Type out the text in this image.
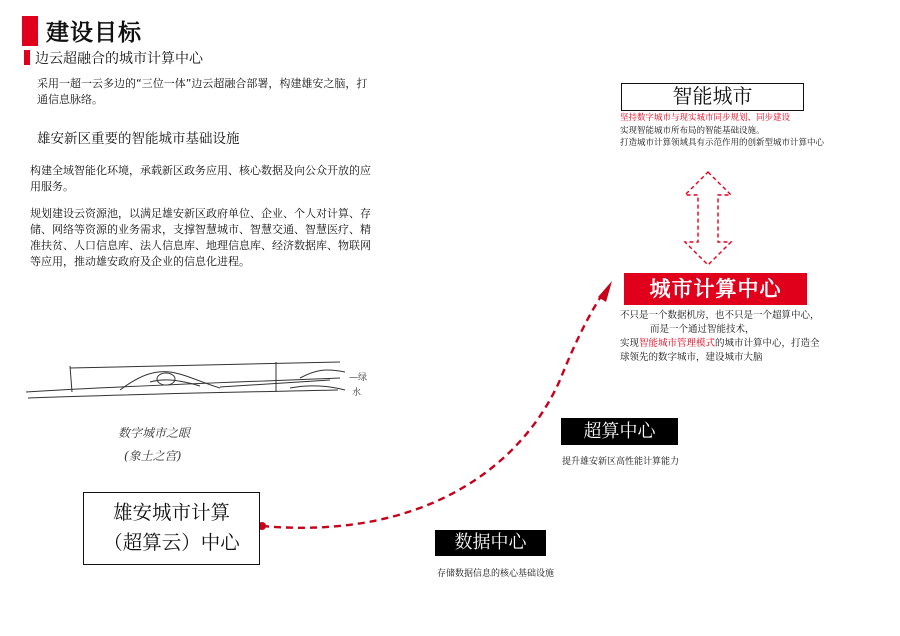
建设目标
边云超融合的城市计算中心
采用一超一云多边的“三位一体”边云超融合部署，构建雄安之脑，打通信息脉络。
雄安新区重要的智能城市基础设施
构建全域智能化环境，承载新区政务应用、核心数据及向公众开放的应用服务。
规划建设云资源池，以满足雄安新区政府单位、企业、个人对计算、存储、网络等资源的业务需求，支撑智慧城市、智慧交通、智慧医疗、精准扶贫、人口信息库、法人信息库、地理信息库、经济数据库、物联网等应用，推动雄安政府及企业的信息化进程。
—绿
水
数字城市之眼
(象土之宫)
智能城市
坚持数字城市与现实城市同步规划、同步建设
实现智能城市所布局的智能基础设施。
打造城市计算领域具有示范作用的创新型城市计算中心
城市计算中心
不只是一个数据机房，也不只是一个超算中心，
而是一个通过智能技术，
实现智能城市管理模式的城市计算中心，打造全
球领先的数字城市，建设城市大脑
超算中心
提升雄安新区高性能计算能力
数据中心
存储数据信息的核心基础设施
雄安城市计算
（超算云）中心
